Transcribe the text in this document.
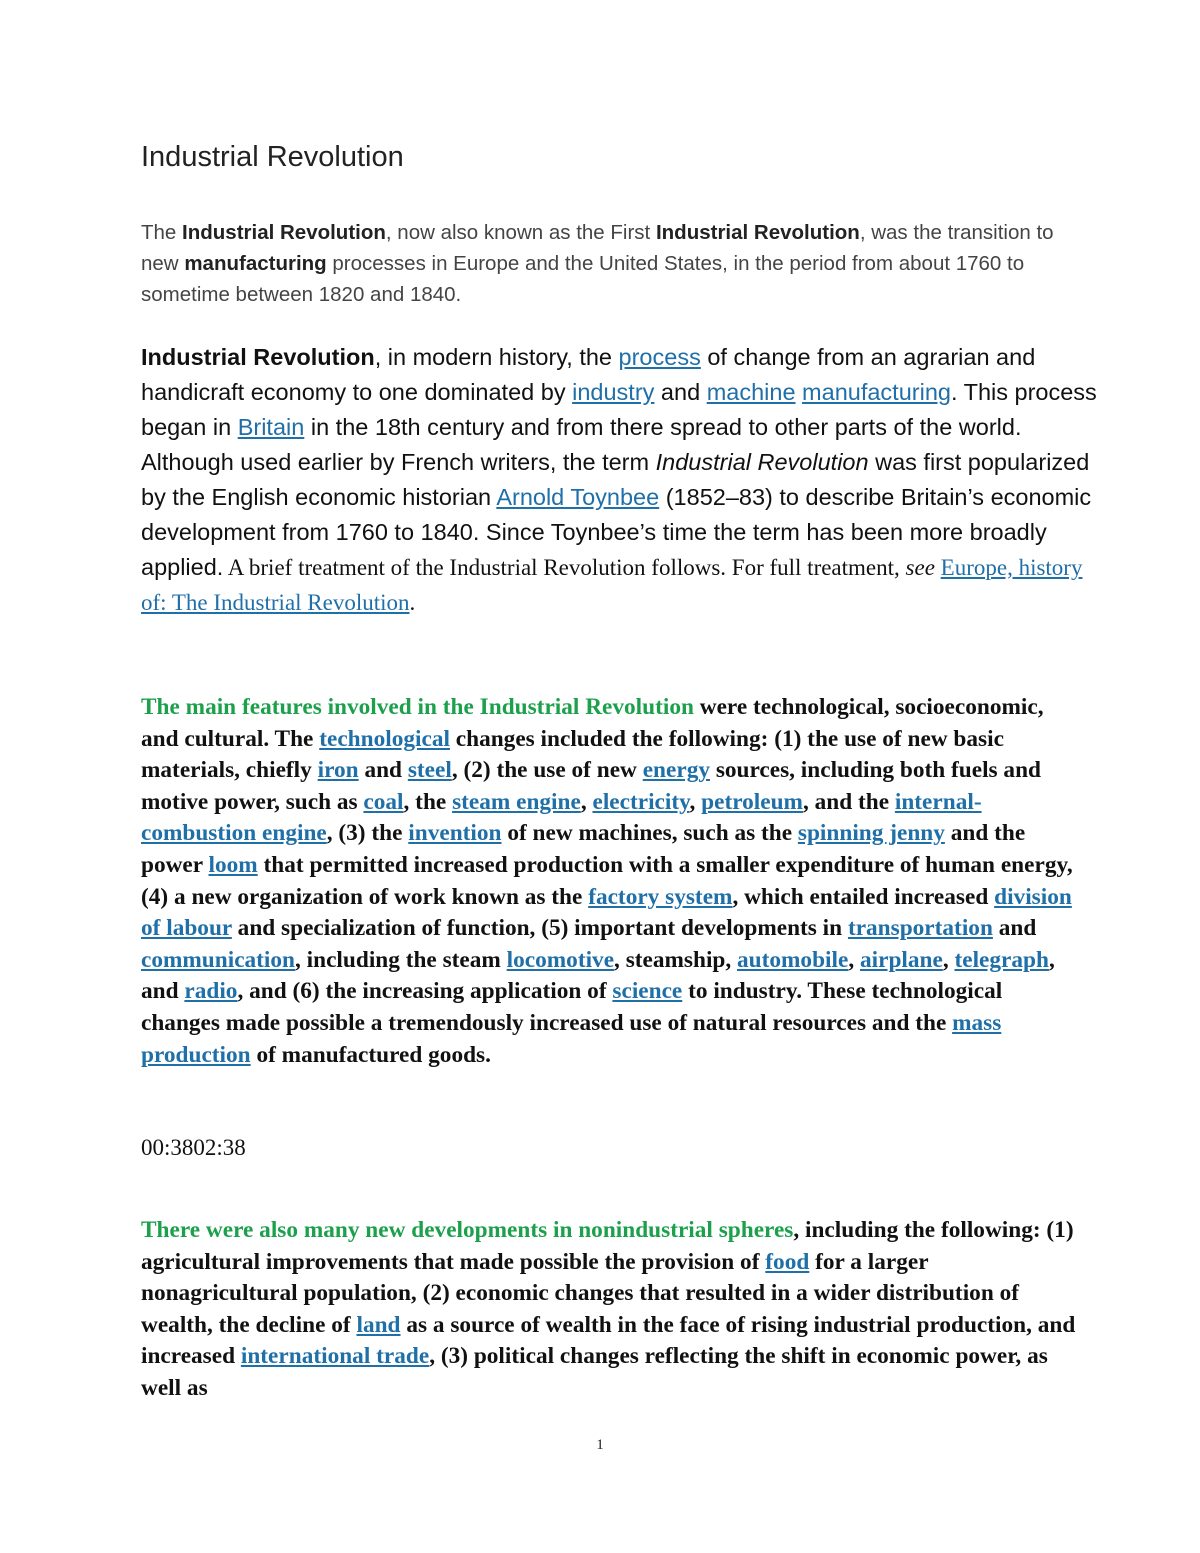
Industrial Revolution

The Industrial Revolution, now also known as the First Industrial Revolution, was the transition to new manufacturing processes in Europe and the United States, in the period from about 1760 to sometime between 1820 and 1840.

Industrial Revolution, in modern history, the process of change from an agrarian and handicraft economy to one dominated by industry and machine manufacturing. This process began in Britain in the 18th century and from there spread to other parts of the world. Although used earlier by French writers, the term Industrial Revolution was first popularized by the English economic historian Arnold Toynbee (1852–83) to describe Britain’s economic development from 1760 to 1840. Since Toynbee’s time the term has been more broadly applied. A brief treatment of the Industrial Revolution follows. For full treatment, see Europe, history of: The Industrial Revolution.

The main features involved in the Industrial Revolution were technological, socioeconomic, and cultural. The technological changes included the following: (1) the use of new basic materials, chiefly iron and steel, (2) the use of new energy sources, including both fuels and motive power, such as coal, the steam engine, electricity, petroleum, and the internal-combustion engine, (3) the invention of new machines, such as the spinning jenny and the power loom that permitted increased production with a smaller expenditure of human energy, (4) a new organization of work known as the factory system, which entailed increased division of labour and specialization of function, (5) important developments in transportation and communication, including the steam locomotive, steamship, automobile, airplane, telegraph, and radio, and (6) the increasing application of science to industry. These technological changes made possible a tremendously increased use of natural resources and the mass production of manufactured goods.

00:3802:38

There were also many new developments in nonindustrial spheres, including the following: (1) agricultural improvements that made possible the provision of food for a larger nonagricultural population, (2) economic changes that resulted in a wider distribution of wealth, the decline of land as a source of wealth in the face of rising industrial production, and increased international trade, (3) political changes reflecting the shift in economic power, as well as

1
